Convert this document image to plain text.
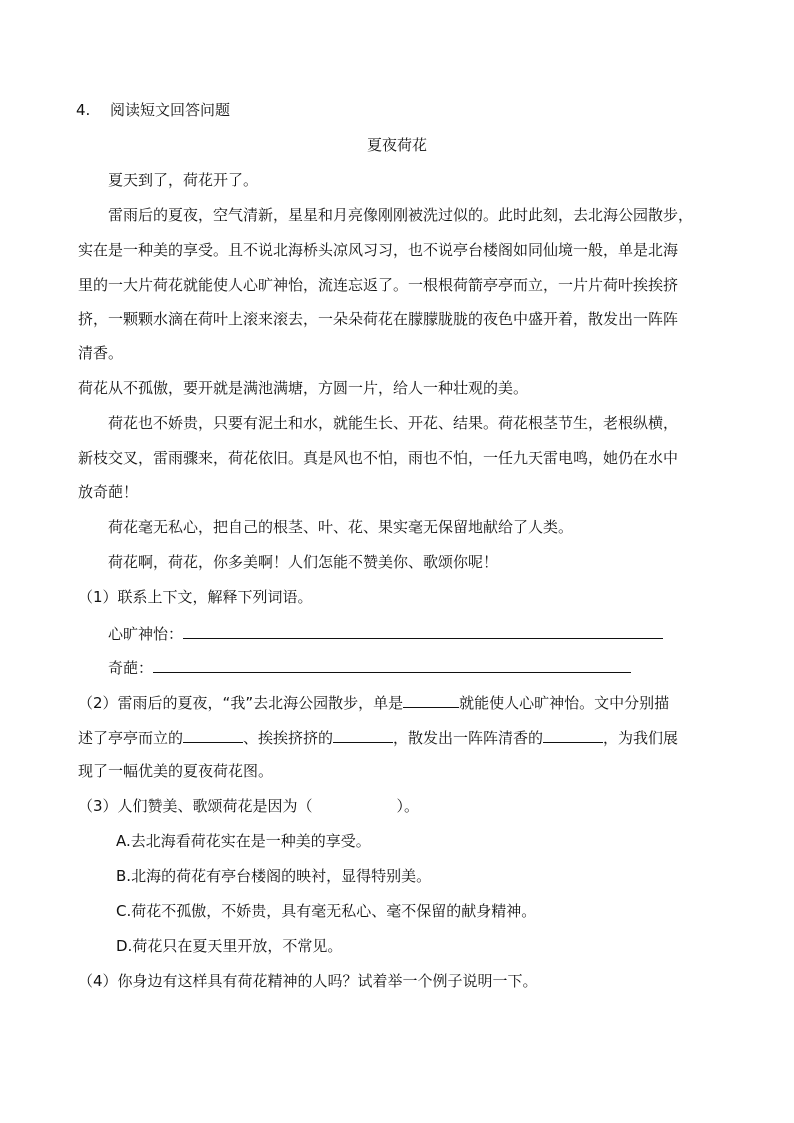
4. 阅读短文回答问题
夏夜荷花
夏天到了，荷花开了。
雷雨后的夏夜，空气清新，星星和月亮像刚刚被洗过似的。此时此刻，去北海公园散步，
实在是一种美的享受。且不说北海桥头凉风习习，也不说亭台楼阁如同仙境一般，单是北海
里的一大片荷花就能使人心旷神怡，流连忘返了。一根根荷箭亭亭而立，一片片荷叶挨挨挤
挤，一颗颗水滴在荷叶上滚来滚去，一朵朵荷花在朦朦胧胧的夜色中盛开着，散发出一阵阵
清香。
荷花从不孤傲，要开就是满池满塘，方圆一片，给人一种壮观的美。
荷花也不娇贵，只要有泥土和水，就能生长、开花、结果。荷花根茎节生，老根纵横，
新枝交叉，雷雨骤来，荷花依旧。真是风也不怕，雨也不怕，一任九天雷电鸣，她仍在水中
放奇葩！
荷花毫无私心，把自己的根茎、叶、花、果实毫无保留地献给了人类。
荷花啊，荷花，你多美啊！人们怎能不赞美你、歌颂你呢！
（1）联系上下文，解释下列词语。
心旷神怡：
奇葩：
（2）雷雨后的夏夜，“我”去北海公园散步，单是	就能使人心旷神怡。文中分别描
述了亭亭而立的	、挨挨挤挤的	，散发出一阵阵清香的	，为我们展
现了一幅优美的夏夜荷花图。
（3）人们赞美、歌颂荷花是因为（	）。
A.去北海看荷花实在是一种美的享受。
B.北海的荷花有亭台楼阁的映衬，显得特别美。
C.荷花不孤傲，不娇贵，具有毫无私心、毫不保留的献身精神。
D.荷花只在夏天里开放，不常见。
（4）你身边有这样具有荷花精神的人吗？试着举一个例子说明一下。
